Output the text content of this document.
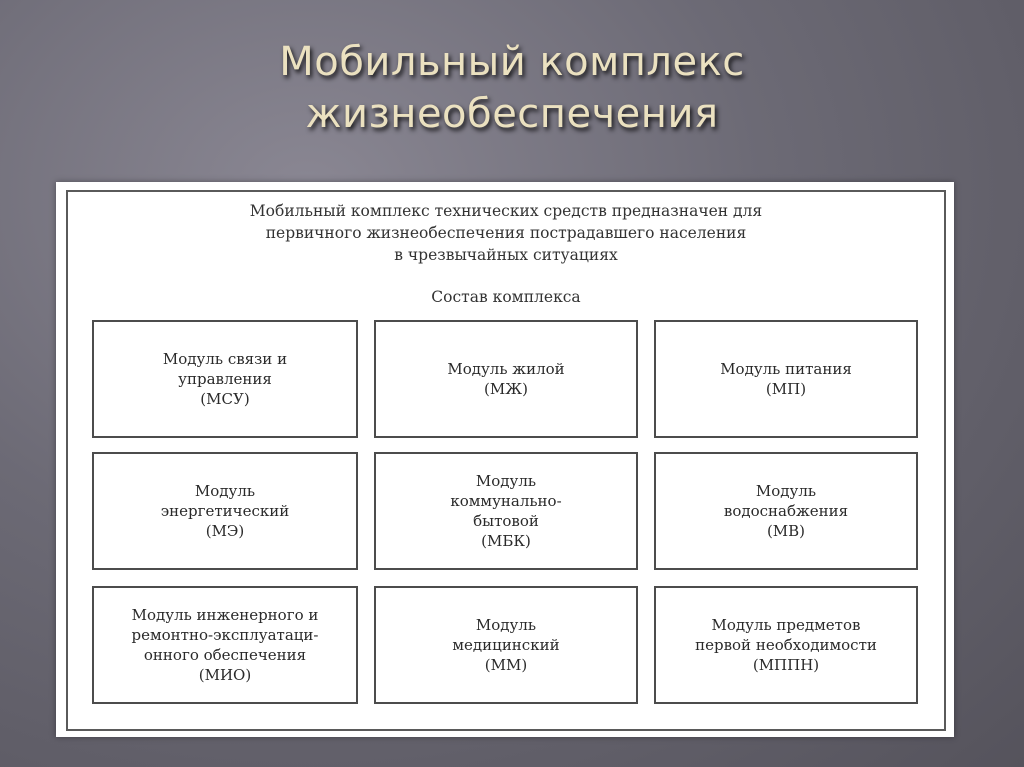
Мобильный комплекс
жизнеобеспечения
Мобильный комплекс технических средств предназначен для
первичного жизнеобеспечения пострадавшего населения
в чрезвычайных ситуациях
Состав комплекса
Модуль связи и
управления
(МСУ)
Модуль жилой
(МЖ)
Модуль питания
(МП)
Модуль
энергетический
(МЭ)
Модуль
коммунально-
бытовой
(МБК)
Модуль
водоснабжения
(МВ)
Модуль инженерного и
ремонтно-эксплуатаци-
онного обеспечения
(МИО)
Модуль
медицинский
(ММ)
Модуль предметов
первой необходимости
(МППН)
